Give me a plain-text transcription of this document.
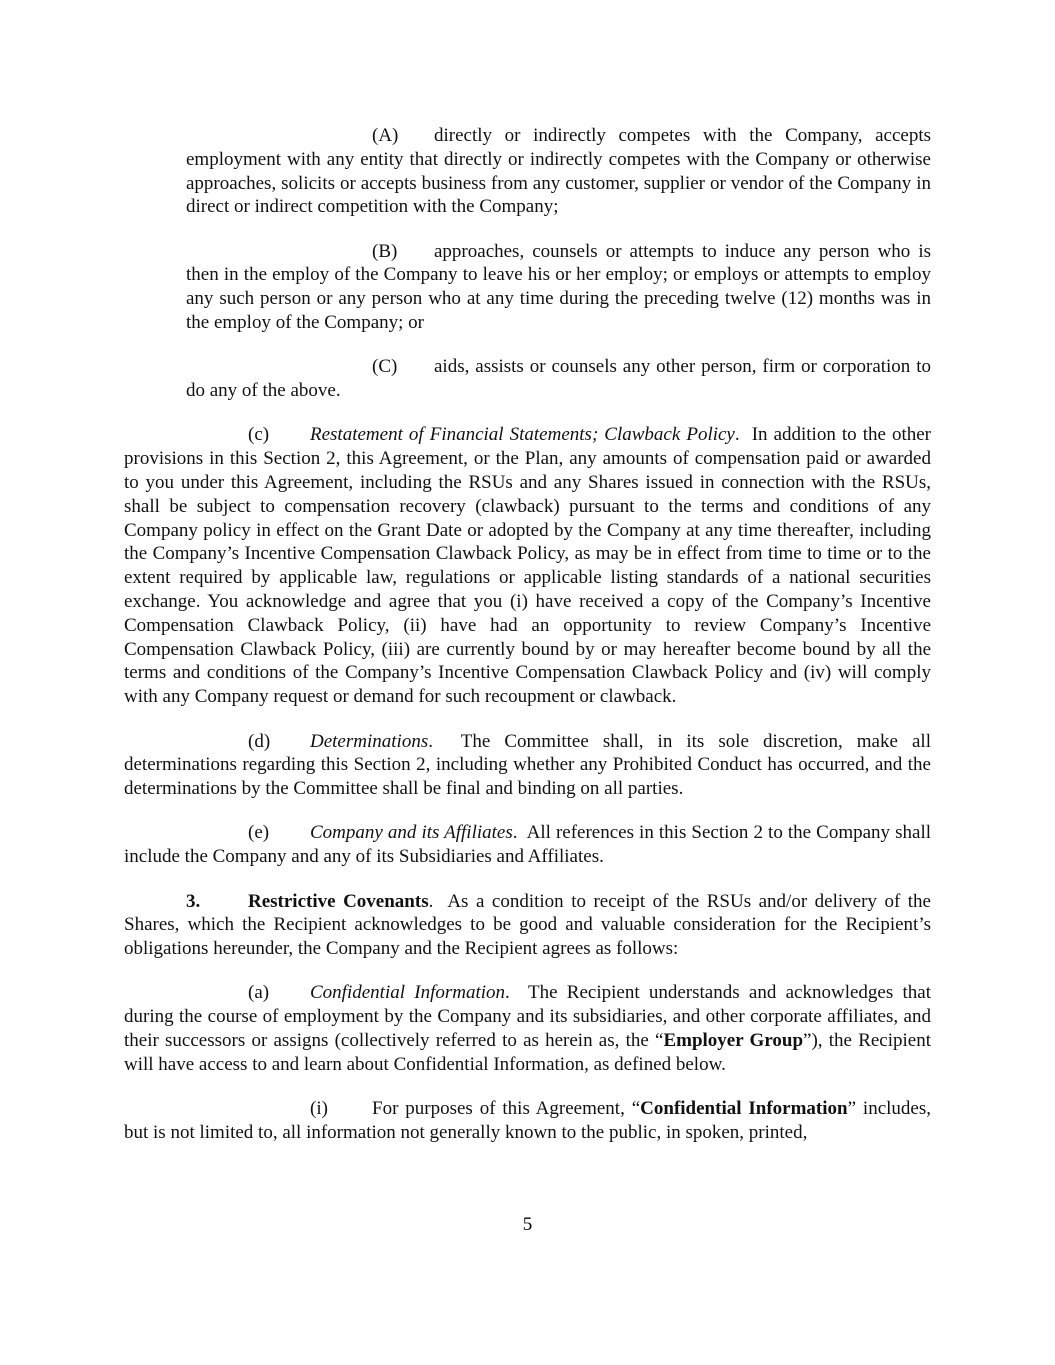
(A) directly or indirectly competes with the Company, accepts employment with any entity that directly or indirectly competes with the Company or otherwise approaches, solicits or accepts business from any customer, supplier or vendor of the Company in direct or indirect competition with the Company;

(B) approaches, counsels or attempts to induce any person who is then in the employ of the Company to leave his or her employ; or employs or attempts to employ any such person or any person who at any time during the preceding twelve (12) months was in the employ of the Company; or

(C) aids, assists or counsels any other person, firm or corporation to do any of the above.

(c) Restatement of Financial Statements; Clawback Policy.  In addition to the other provisions in this Section 2, this Agreement, or the Plan, any amounts of compensation paid or awarded to you under this Agreement, including the RSUs and any Shares issued in connection with the RSUs, shall be subject to compensation recovery (clawback) pursuant to the terms and conditions of any Company policy in effect on the Grant Date or adopted by the Company at any time thereafter, including the Company’s Incentive Compensation Clawback Policy, as may be in effect from time to time or to the extent required by applicable law, regulations or applicable listing standards of a national securities exchange. You acknowledge and agree that you (i) have received a copy of the Company’s Incentive Compensation Clawback Policy, (ii) have had an opportunity to review Company’s Incentive Compensation Clawback Policy, (iii) are currently bound by or may hereafter become bound by all the terms and conditions of the Company’s Incentive Compensation Clawback Policy and (iv) will comply with any Company request or demand for such recoupment or clawback.

(d) Determinations.  The Committee shall, in its sole discretion, make all determinations regarding this Section 2, including whether any Prohibited Conduct has occurred, and the determinations by the Committee shall be final and binding on all parties.

(e) Company and its Affiliates.  All references in this Section 2 to the Company shall include the Company and any of its Subsidiaries and Affiliates.

3.	Restrictive Covenants.  As a condition to receipt of the RSUs and/or delivery of the Shares, which the Recipient acknowledges to be good and valuable consideration for the Recipient’s obligations hereunder, the Company and the Recipient agrees as follows:

(a) Confidential Information.  The Recipient understands and acknowledges that during the course of employment by the Company and its subsidiaries, and other corporate affiliates, and their successors or assigns (collectively referred to as herein as, the “Employer Group”), the Recipient will have access to and learn about Confidential Information, as defined below.

(i) For purposes of this Agreement, “Confidential Information” includes, but is not limited to, all information not generally known to the public, in spoken, printed,

5
